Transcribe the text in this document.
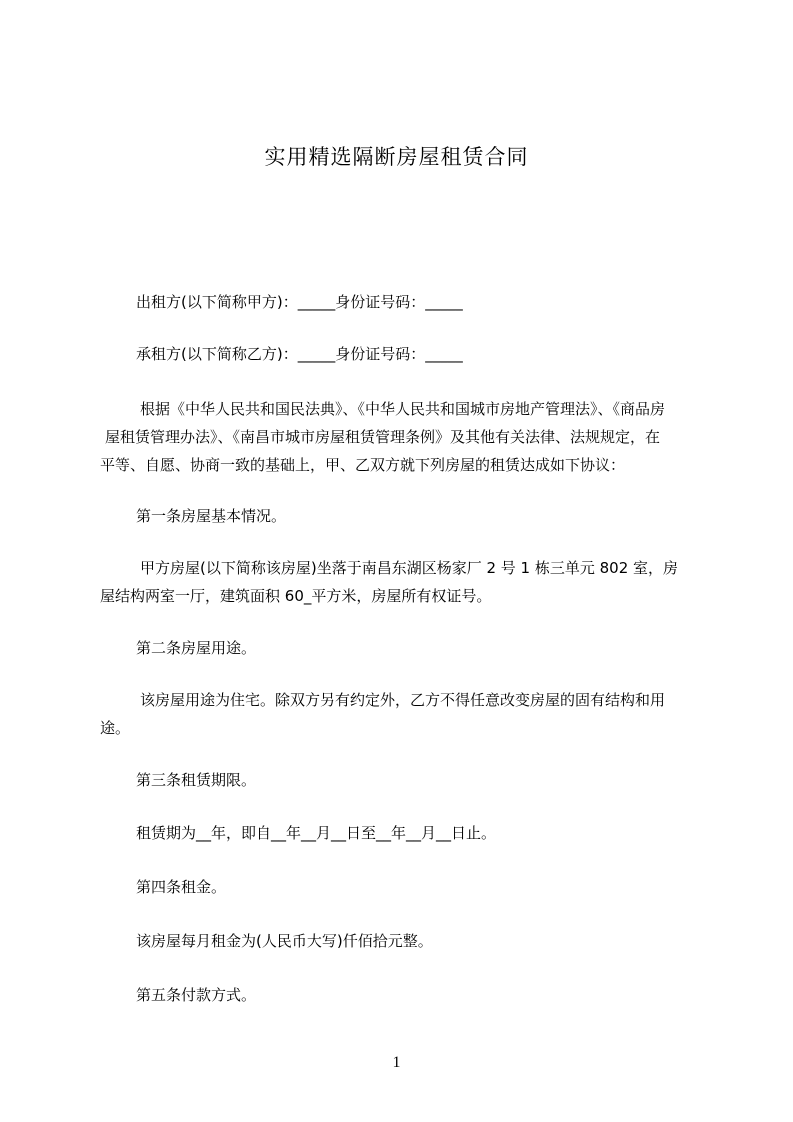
实用精选隔断房屋租赁合同
出租方(以下简称甲方)：_____身份证号码：_____
承租方(以下简称乙方)：_____身份证号码：_____
根据《中华人民共和国民法典》、《中华人民共和国城市房地产管理法》、《商品房
屋租赁管理办法》、《南昌市城市房屋租赁管理条例》及其他有关法律、法规规定，在
平等、自愿、协商一致的基础上，甲、乙双方就下列房屋的租赁达成如下协议：
第一条房屋基本情况。
甲方房屋(以下简称该房屋)坐落于南昌东湖区杨家厂 2 号 1 栋三单元 802 室，房
屋结构两室一厅，建筑面积 60_平方米，房屋所有权证号。
第二条房屋用途。
该房屋用途为住宅。除双方另有约定外，乙方不得任意改变房屋的固有结构和用
途。
第三条租赁期限。
租赁期为__年，即自__年__月__日至__年__月__日止。
第四条租金。
该房屋每月租金为(人民币大写)仟佰拾元整。
第五条付款方式。
1
